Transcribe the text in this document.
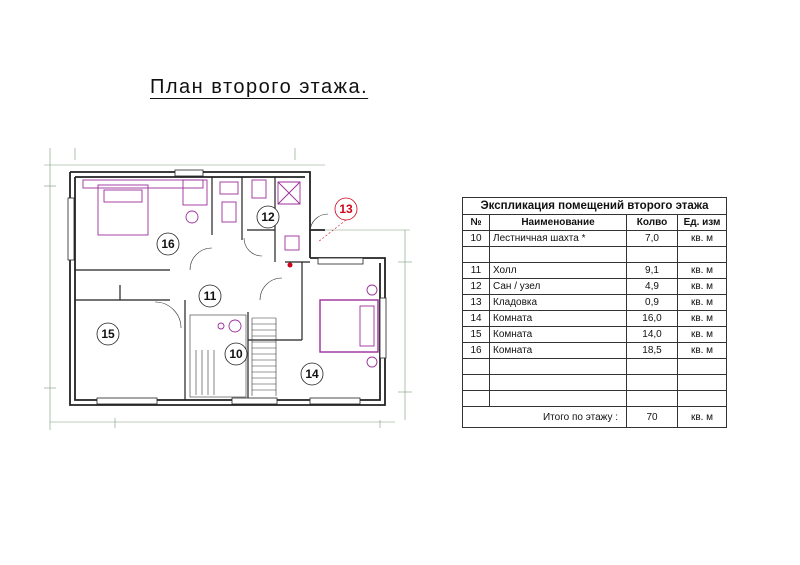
План второго этажа.
16
12
13
11
15
10
14
Экспликация помещений второго этажа
№	Наименование	Колво	Ед. изм
10	Лестничная шахта *	7,0	кв. м

11	Холл	9,1	кв. м
12	Сан / узел	4,9	кв. м
13	Кладовка	0,9	кв. м
14	Комната	16,0	кв. м
15	Комната	14,0	кв. м
16	Комната	18,5	кв. м

Итого по этажу :		70	кв. м
